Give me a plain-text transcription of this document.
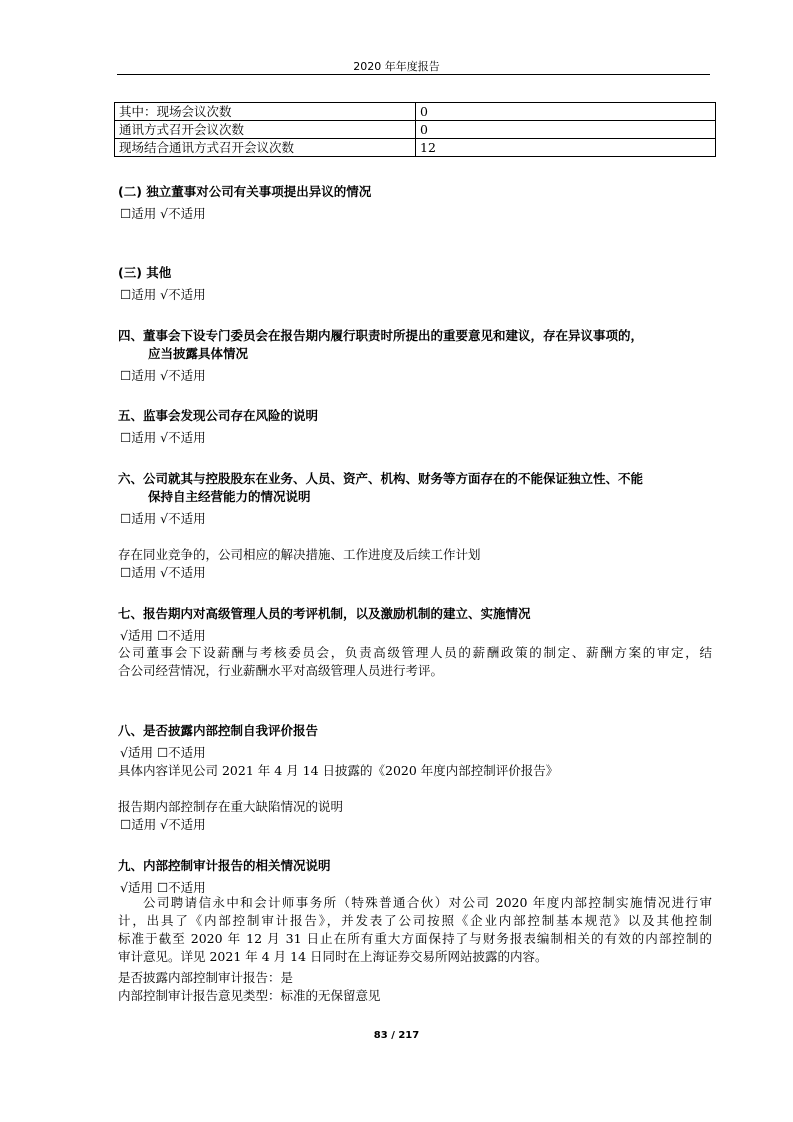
2020 年年度报告
其中：现场会议次数	0
通讯方式召开会议次数	0
现场结合通讯方式召开会议次数	12
(二) 独立董事对公司有关事项提出异议的情况
☐适用 √不适用
(三) 其他
☐适用 √不适用
四、董事会下设专门委员会在报告期内履行职责时所提出的重要意见和建议，存在异议事项的，
应当披露具体情况
☐适用 √不适用
五、监事会发现公司存在风险的说明
☐适用 √不适用
六、公司就其与控股股东在业务、人员、资产、机构、财务等方面存在的不能保证独立性、不能
保持自主经营能力的情况说明
☐适用 √不适用
存在同业竞争的，公司相应的解决措施、工作进度及后续工作计划
☐适用 √不适用
七、报告期内对高级管理人员的考评机制，以及激励机制的建立、实施情况
√适用 ☐不适用
公司董事会下设薪酬与考核委员会，负责高级管理人员的薪酬政策的制定、薪酬方案的审定，结
合公司经营情况，行业薪酬水平对高级管理人员进行考评。
八、是否披露内部控制自我评价报告
√适用 ☐不适用
具体内容详见公司 2021 年 4 月 14 日披露的《2020 年度内部控制评价报告》
报告期内部控制存在重大缺陷情况的说明
☐适用 √不适用
九、内部控制审计报告的相关情况说明
√适用 ☐不适用
公司聘请信永中和会计师事务所（特殊普通合伙）对公司 2020 年度内部控制实施情况进行审
计，出具了《内部控制审计报告》，并发表了公司按照《企业内部控制基本规范》以及其他控制
标准于截至 2020 年 12 月 31 日止在所有重大方面保持了与财务报表编制相关的有效的内部控制的
审计意见。详见 2021 年 4 月 14 日同时在上海证券交易所网站披露的内容。
是否披露内部控制审计报告：是
内部控制审计报告意见类型：标准的无保留意见
83 / 217
